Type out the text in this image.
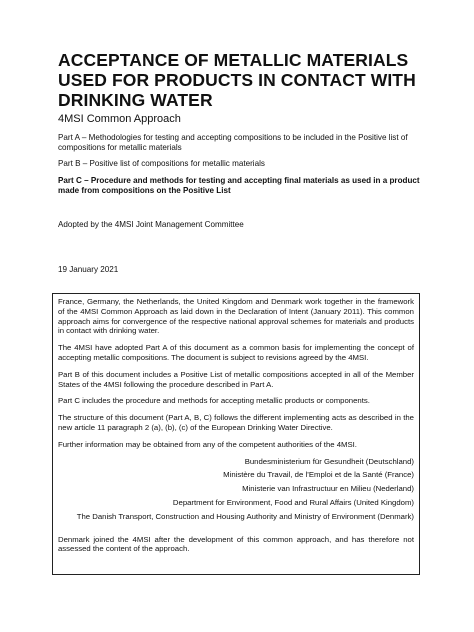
ACCEPTANCE OF METALLIC MATERIALS USED FOR PRODUCTS IN CONTACT WITH DRINKING WATER

4MSI Common Approach

Part A – Methodologies for testing and accepting compositions to be included in the Positive list of compositions for metallic materials

Part B – Positive list of compositions for metallic materials

Part C – Procedure and methods for testing and accepting final materials as used in a product made from compositions on the Positive List

Adopted by the 4MSI Joint Management Committee

19 January 2021

France, Germany, the Netherlands, the United Kingdom and Denmark work together in the framework of the 4MSI Common Approach as laid down in the Declaration of Intent (January 2011). This common approach aims for convergence of the respective national approval schemes for materials and products in contact with drinking water.

The 4MSI have adopted Part A of this document as a common basis for implementing the concept of accepting metallic compositions. The document is subject to revisions agreed by the 4MSI.

Part B of this document includes a Positive List of metallic compositions accepted in all of the Member States of the 4MSI following the procedure described in Part A.

Part C includes the procedure and methods for accepting metallic products or components.

The structure of this document (Part A, B, C) follows the different implementing acts as described in the new article 11 paragraph 2 (a), (b), (c) of the European Drinking Water Directive.

Further information may be obtained from any of the competent authorities of the 4MSI.

Bundesministerium für Gesundheit (Deutschland)
Ministère du Travail, de l’Emploi et de la Santé (France)
Ministerie van Infrastructuur en Milieu (Nederland)
Department for Environment, Food and Rural Affairs (United Kingdom)
The Danish Transport, Construction and Housing Authority and Ministry of Environment (Denmark)

Denmark joined the 4MSI after the development of this common approach, and has therefore not assessed the content of the approach.
